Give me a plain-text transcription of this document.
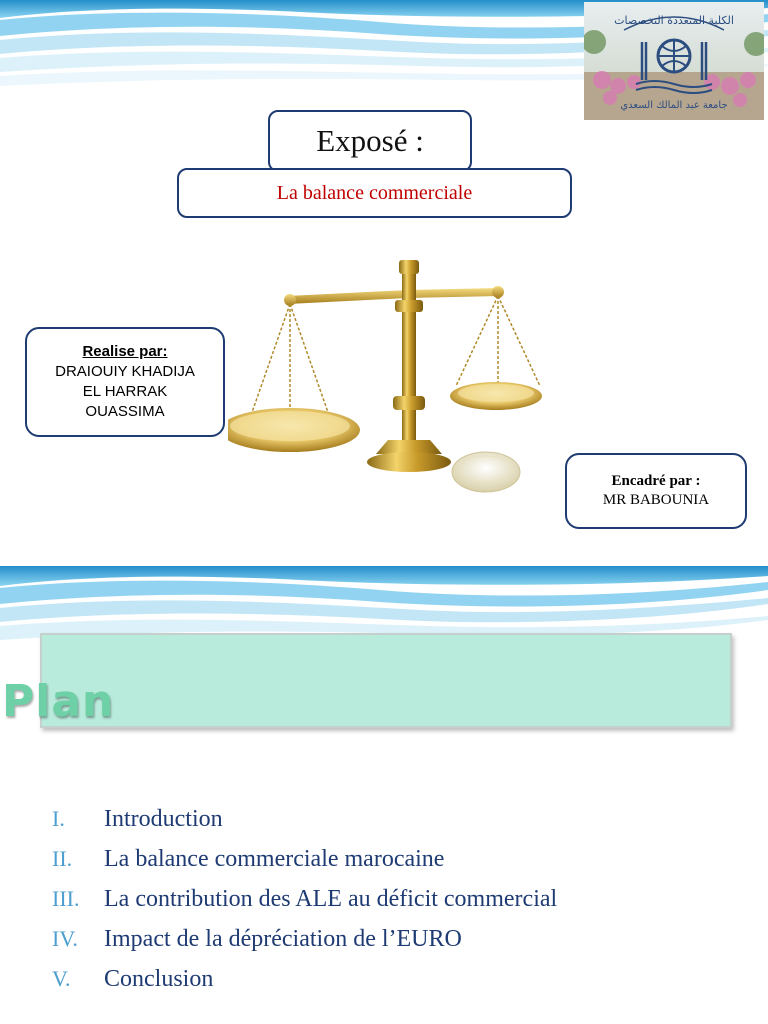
الكلية المتعددة التخصصات
جامعة عبد المالك السعدي
Exposé :
La balance commerciale
Realise par:
DRAIOUIY KHADIJA
EL HARRAK
OUASSIMA
Encadré par :
MR BABOUNIA
Plan
I.	Introduction
II.	La balance commerciale marocaine
III.	La contribution des ALE au déficit commercial
IV.	Impact de la dépréciation de l’EURO
V.	Conclusion
